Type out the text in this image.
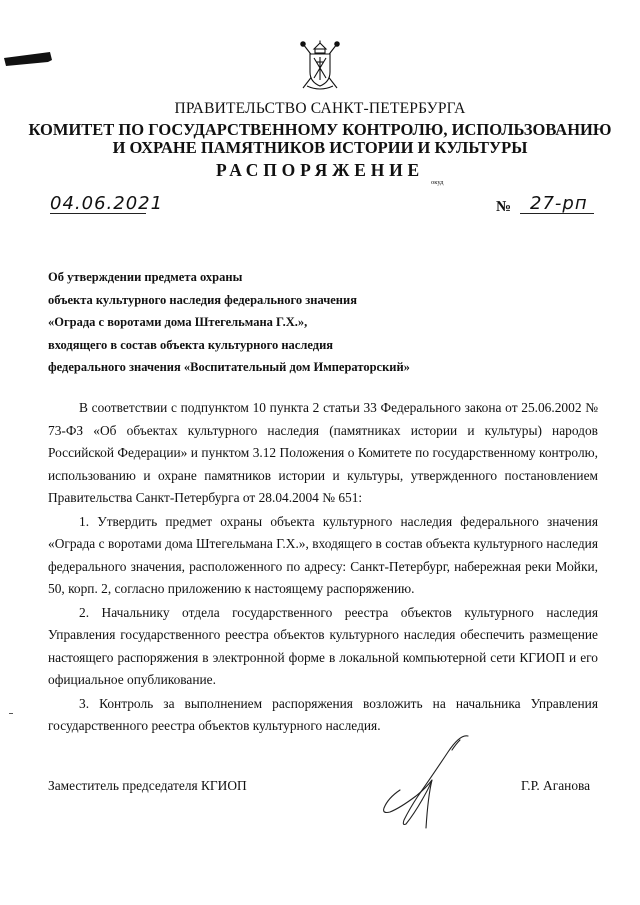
ПРАВИТЕЛЬСТВО САНКТ-ПЕТЕРБУРГА
КОМИТЕТ ПО ГОСУДАРСТВЕННОМУ КОНТРОЛЮ, ИСПОЛЬЗОВАНИЮ
И ОХРАНЕ ПАМЯТНИКОВ ИСТОРИИ И КУЛЬТУРЫ
РАСПОРЯЖЕНИЕ
окуд
04.06.2021	№ 27-рп
Об утверждении предмета охраны
объекта культурного наследия федерального значения
«Ограда с воротами дома Штегельмана Г.Х.»,
входящего в состав объекта культурного наследия
федерального значения «Воспитательный дом Императорский»

В соответствии с подпунктом 10 пункта 2 статьи 33 Федерального закона от 25.06.2002 № 73-ФЗ «Об объектах культурного наследия (памятниках истории и культуры) народов Российской Федерации» и пунктом 3.12 Положения о Комитете по государственному контролю, использованию и охране памятников истории и культуры, утвержденного постановлением Правительства Санкт-Петербурга от 28.04.2004 № 651:

1. Утвердить предмет охраны объекта культурного наследия федерального значения «Ограда с воротами дома Штегельмана Г.Х.», входящего в состав объекта культурного наследия федерального значения, расположенного по адресу: Санкт-Петербург, набережная реки Мойки, 50, корп. 2, согласно приложению к настоящему распоряжению.

2. Начальнику отдела государственного реестра объектов культурного наследия Управления государственного реестра объектов культурного наследия обеспечить размещение настоящего распоряжения в электронной форме в локальной компьютерной сети КГИОП и его официальное опубликование.

3. Контроль за выполнением распоряжения возложить на начальника Управления государственного реестра объектов культурного наследия.

Заместитель председателя КГИОП	Г.Р. Аганова
